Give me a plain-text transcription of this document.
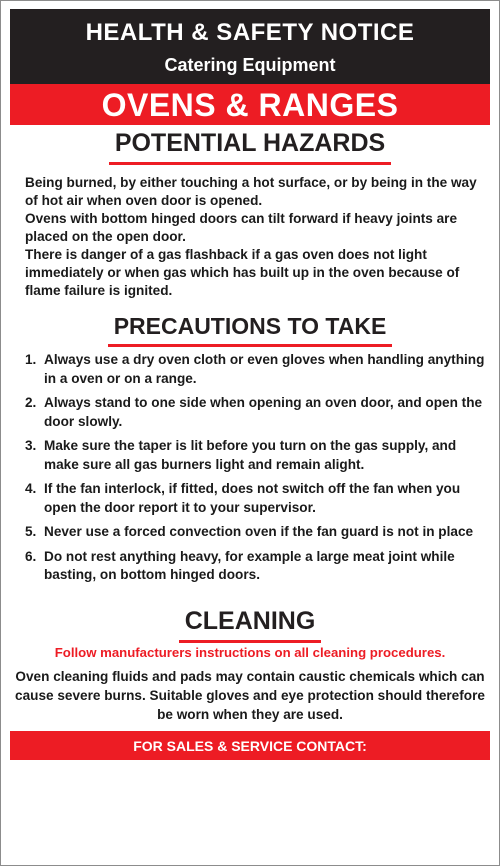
HEALTH & SAFETY NOTICE
Catering Equipment
OVENS & RANGES
POTENTIAL HAZARDS

Being burned, by either touching a hot surface, or by being in the way of hot air when oven door is opened.

Ovens with bottom hinged doors can tilt forward if heavy joints are placed on the open door.

There is danger of a gas flashback if a gas oven does not light immediately or when gas which has built up in the oven because of flame failure is ignited.

PRECAUTIONS TO TAKE
1. Always use a dry oven cloth or even gloves when handling anything in a oven or on a range.
2. Always stand to one side when opening an oven door, and open the door slowly.
3. Make sure the taper is lit before you turn on the gas supply, and make sure all gas burners light and remain alight.
4. If the fan interlock, if fitted, does not switch off the fan when you open the door report it to your supervisor.
5. Never use a forced convection oven if the fan guard is not in place
6. Do not rest anything heavy, for example a large meat joint while basting, on bottom hinged doors.
CLEANING
Follow manufacturers instructions on all cleaning procedures.
Oven cleaning fluids and pads may contain caustic chemicals which can cause severe burns. Suitable gloves and eye protection should therefore be worn when they are used.
FOR SALES & SERVICE CONTACT:
